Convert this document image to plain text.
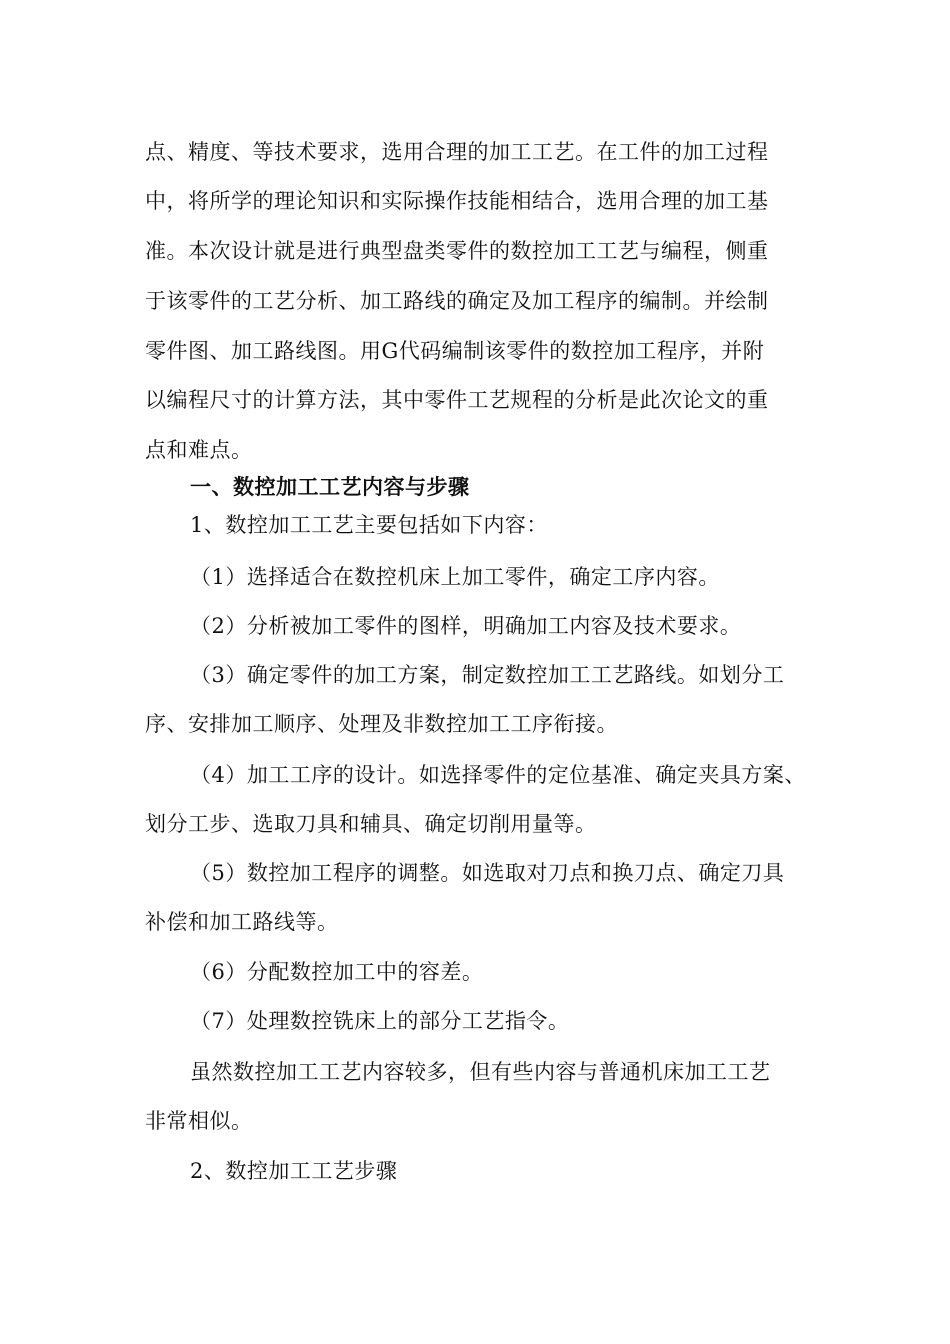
点、精度、等技术要求，选用合理的加工工艺。在工件的加工过程
中，将所学的理论知识和实际操作技能相结合，选用合理的加工基
准。本次设计就是进行典型盘类零件的数控加工工艺与编程，侧重
于该零件的工艺分析、加工路线的确定及加工程序的编制。并绘制
零件图、加工路线图。用G代码编制该零件的数控加工程序，并附
以编程尺寸的计算方法，其中零件工艺规程的分析是此次论文的重
点和难点。
一、数控加工工艺内容与步骤
1、数控加工工艺主要包括如下内容：
（1）选择适合在数控机床上加工零件，确定工序内容。
（2）分析被加工零件的图样，明确加工内容及技术要求。
（3）确定零件的加工方案，制定数控加工工艺路线。如划分工
序、安排加工顺序、处理及非数控加工工序衔接。
（4）加工工序的设计。如选择零件的定位基准、确定夹具方案、
划分工步、选取刀具和辅具、确定切削用量等。
（5）数控加工程序的调整。如选取对刀点和换刀点、确定刀具
补偿和加工路线等。
（6）分配数控加工中的容差。
（7）处理数控铣床上的部分工艺指令。
虽然数控加工工艺内容较多，但有些内容与普通机床加工工艺
非常相似。
2、数控加工工艺步骤
